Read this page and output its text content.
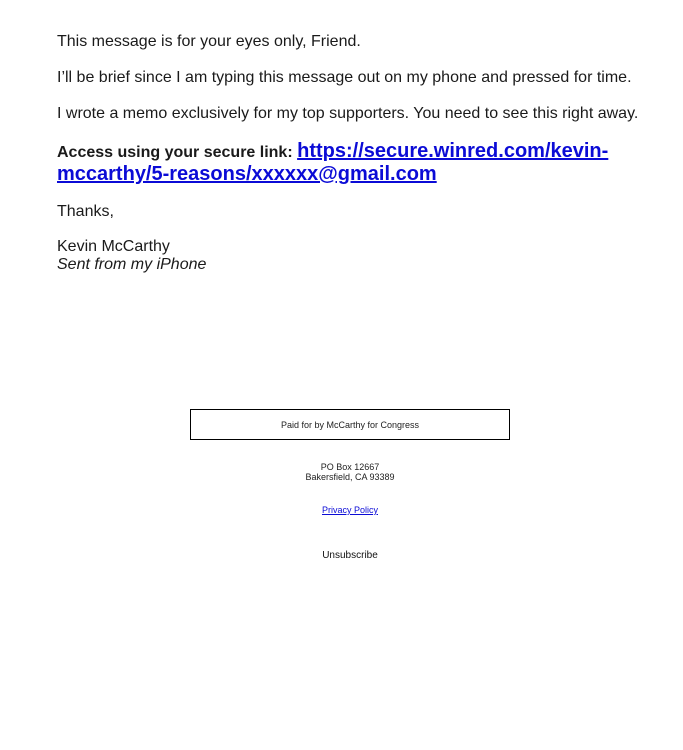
This message is for your eyes only, Friend.

I’ll be brief since I am typing this message out on my phone and pressed for time.

I wrote a memo exclusively for my top supporters. You need to see this right away.

Access using your secure link: https://secure.winred.com/kevin-mccarthy/5-reasons/xxxxxx@gmail.com
Thanks,
Kevin McCarthy
Sent from my iPhone
Paid for by McCarthy for Congress
PO Box 12667
Bakersfield, CA 93389
Privacy Policy
Unsubscribe
